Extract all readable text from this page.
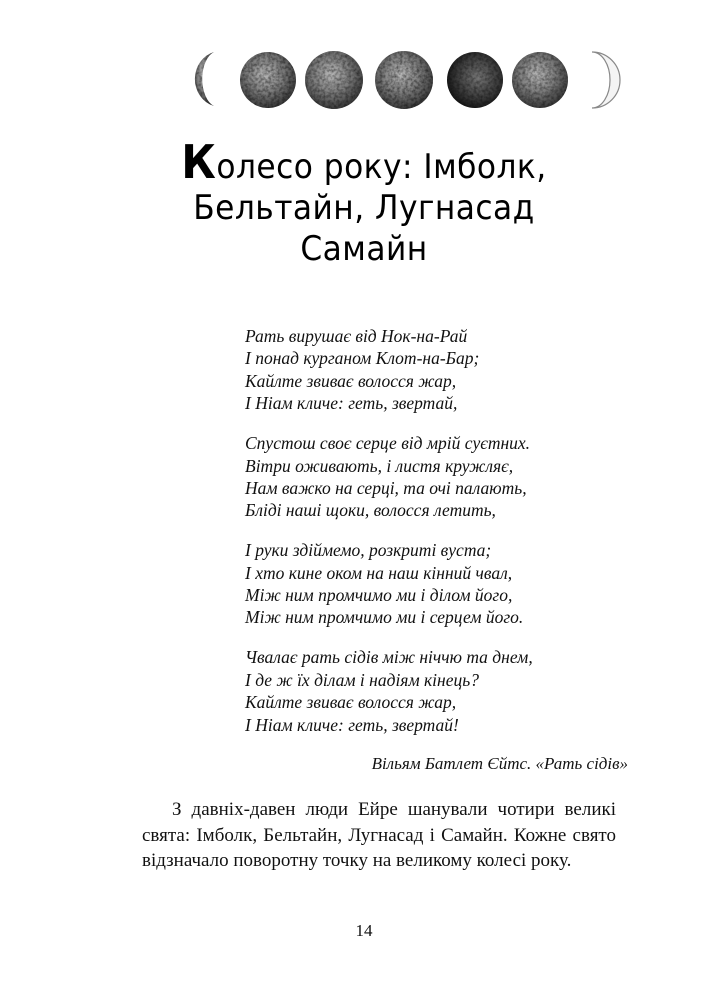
Колесо року: Імболк,
Бельтайн, Лугнасад
Самайн
Рать вирушає від Нок-на-Рай
І понад курганом Клот-на-Бар;
Кайлте звиває волосся жар,
І Ніам кличе: геть, звертай,
Спустош своє серце від мрій суєтних.
Вітри оживають, і листя кружляє,
Нам важко на серці, та очі палають,
Бліді наші щоки, волосся летить,
І руки здіймемо, розкриті вуста;
І хто кине оком на наш кінний чвал,
Між ним промчимо ми і ділом його,
Між ним промчимо ми і серцем його.
Чвалає рать сідів між ніччю та днем,
І де ж їх ділам і надіям кінець?
Кайлте звиває волосся жар,
І Ніам кличе: геть, звертай!
Вільям Батлет Єйтс. «Рать сідів»

З давніх-давен люди Ейре шанували чотири великі свята: Імболк, Бельтайн, Лугнасад і Самайн. Кожне свято відзначало поворотну точку на великому колесі року.

14
